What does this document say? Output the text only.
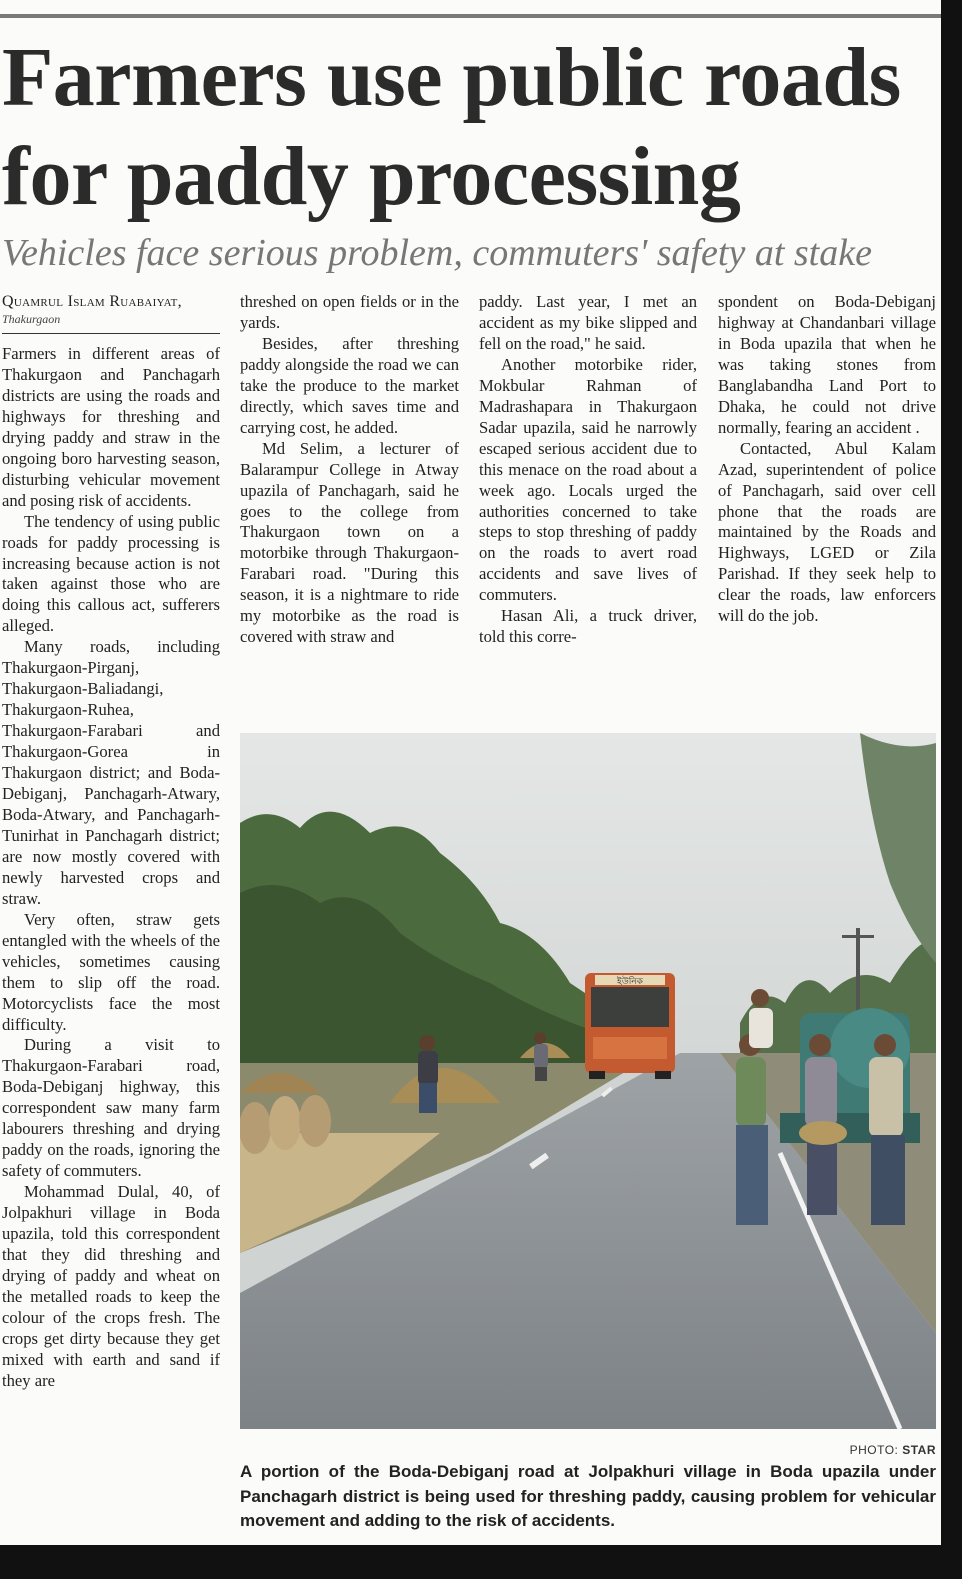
Farmers use public roads for paddy processing
Vehicles face serious problem, commuters' safety at stake
Quamrul Islam Ruabaiyat,
Thakurgaon

Farmers in different areas of Thakurgaon and Panchagarh districts are using the roads and highways for threshing and drying paddy and straw in the ongoing boro harvesting season, disturbing vehicular movement and posing risk of accidents.

The tendency of using public roads for paddy processing is increasing because action is not taken against those who are doing this callous act, sufferers alleged.

Many roads, including Thakurgaon-Pirganj, Thakurgaon-Baliadangi, Thakurgaon-Ruhea, Thakurgaon-Farabari and Thakurgaon-Gorea in Thakurgaon district; and Boda-Debiganj, Panchagarh-Atwary, Boda-Atwary, and Panchagarh-Tunirhat in Panchagarh district; are now mostly covered with newly harvested crops and straw.

Very often, straw gets entangled with the wheels of the vehicles, sometimes causing them to slip off the road. Motorcyclists face the most difficulty.

During a visit to Thakurgaon-Farabari road, Boda-Debiganj highway, this correspondent saw many farm labourers threshing and drying paddy on the roads, ignoring the safety of commuters.

Mohammad Dulal, 40, of Jolpakhuri village in Boda upazila, told this correspondent that they did threshing and drying of paddy and wheat on the metalled roads to keep the colour of the crops fresh. The crops get dirty because they get mixed with earth and sand if they are

threshed on open fields or in the yards.

Besides, after threshing paddy alongside the road we can take the produce to the market directly, which saves time and carrying cost, he added.

Md Selim, a lecturer of Balarampur College in Atway upazila of Panchagarh, said he goes to the college from Thakurgaon town on a motorbike through Thakurgaon-Farabari road. "During this season, it is a nightmare to ride my motorbike as the road is covered with straw and

paddy. Last year, I met an accident as my bike slipped and fell on the road," he said.

Another motorbike rider, Mokbular Rahman of Madrashapara in Thakurgaon Sadar upazila, said he narrowly escaped serious accident due to this menace on the road about a week ago. Locals urged the authorities concerned to take steps to stop threshing of paddy on the roads to avert road accidents and save lives of commuters.

Hasan Ali, a truck driver, told this corre-

spondent on Boda-Debiganj highway at Chandanbari village in Boda upazila that when he was taking stones from Banglabandha Land Port to Dhaka, he could not drive normally, fearing an accident .

Contacted, Abul Kalam Azad, superintendent of police of Panchagarh, said over cell phone that the roads are maintained by the Roads and Highways, LGED or Zila Parishad. If they seek help to clear the roads, law enforcers will do the job.

ইউনিক
PHOTO: STAR

A portion of the Boda-Debiganj road at Jolpakhuri village in Boda upazila under Panchagarh district is being used for threshing paddy, causing problem for vehicular movement and adding to the risk of accidents.
